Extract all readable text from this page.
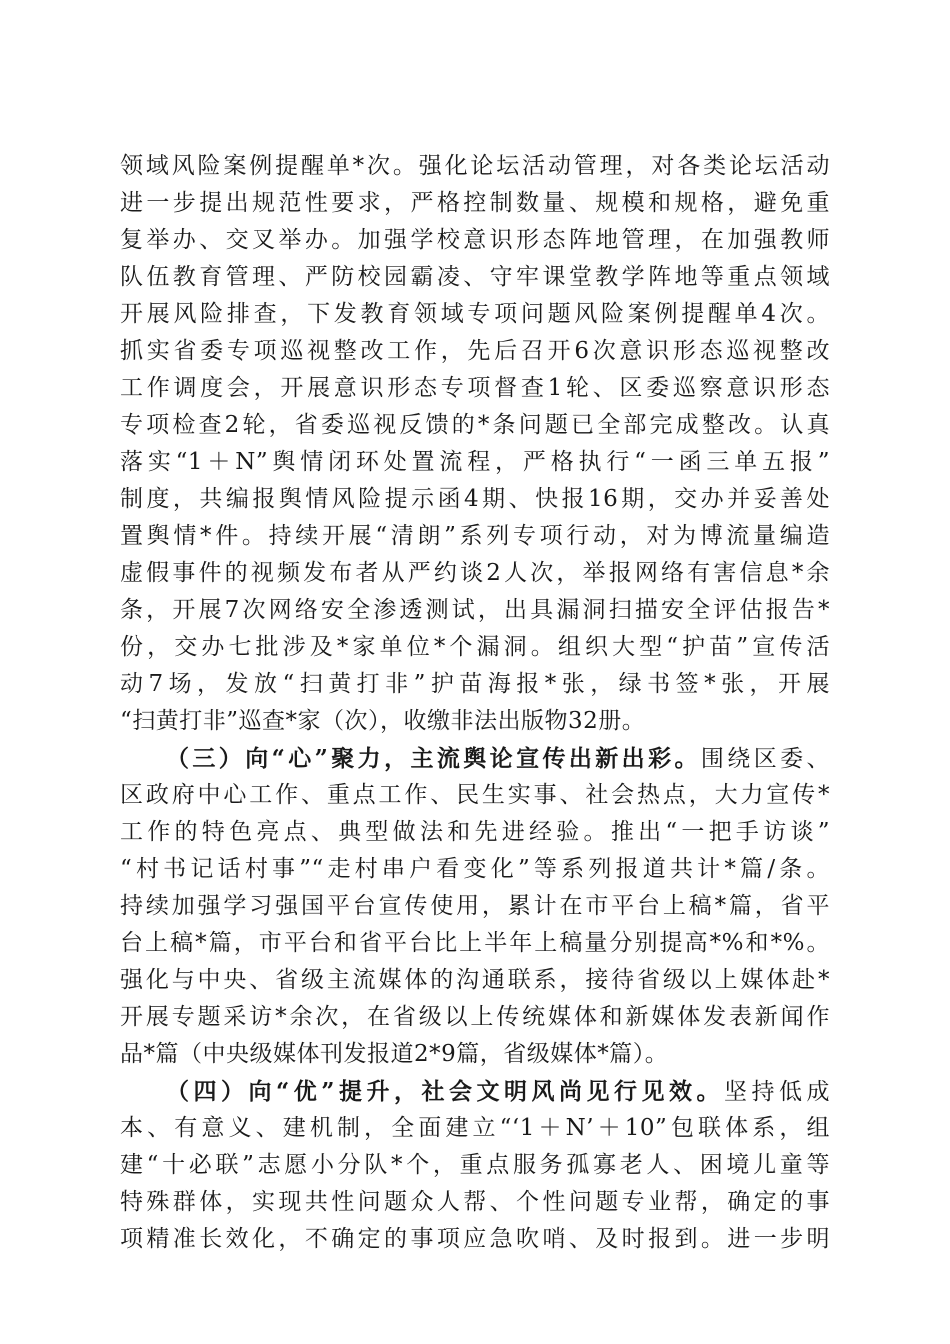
领域风险案例提醒单*次。强化论坛活动管理，对各类论坛活动
进一步提出规范性要求，严格控制数量、规模和规格，避免重
复举办、交叉举办。加强学校意识形态阵地管理，在加强教师
队伍教育管理、严防校园霸凌、守牢课堂教学阵地等重点领域
开展风险排查，下发教育领域专项问题风险案例提醒单4次。
抓实省委专项巡视整改工作，先后召开6次意识形态巡视整改
工作调度会，开展意识形态专项督查1轮、区委巡察意识形态
专项检查2轮，省委巡视反馈的*条问题已全部完成整改。认真
落实“1＋N”舆情闭环处置流程，严格执行“一函三单五报”
制度，共编报舆情风险提示函4期、快报16期，交办并妥善处
置舆情*件。持续开展“清朗”系列专项行动，对为博流量编造
虚假事件的视频发布者从严约谈2人次，举报网络有害信息*余
条，开展7次网络安全渗透测试，出具漏洞扫描安全评估报告*
份，交办七批涉及*家单位*个漏洞。组织大型“护苗”宣传活
动7场，发放“扫黄打非”护苗海报*张，绿书签*张，开展
“扫黄打非”巡查*家（次），收缴非法出版物32册。
（三）向“心”聚力，主流舆论宣传出新出彩。围绕区委、
区政府中心工作、重点工作、民生实事、社会热点，大力宣传*
工作的特色亮点、典型做法和先进经验。推出“一把手访谈”
“村书记话村事”“走村串户看变化”等系列报道共计*篇/条。
持续加强学习强国平台宣传使用，累计在市平台上稿*篇，省平
台上稿*篇，市平台和省平台比上半年上稿量分别提高*%和*%。
强化与中央、省级主流媒体的沟通联系，接待省级以上媒体赴*
开展专题采访*余次，在省级以上传统媒体和新媒体发表新闻作
品*篇（中央级媒体刊发报道2*9篇，省级媒体*篇）。
（四）向“优”提升，社会文明风尚见行见效。坚持低成
本、有意义、建机制，全面建立“‘1＋N’＋10”包联体系，组
建“十必联”志愿小分队*个，重点服务孤寡老人、困境儿童等
特殊群体，实现共性问题众人帮、个性问题专业帮，确定的事
项精准长效化，不确定的事项应急吹哨、及时报到。进一步明
